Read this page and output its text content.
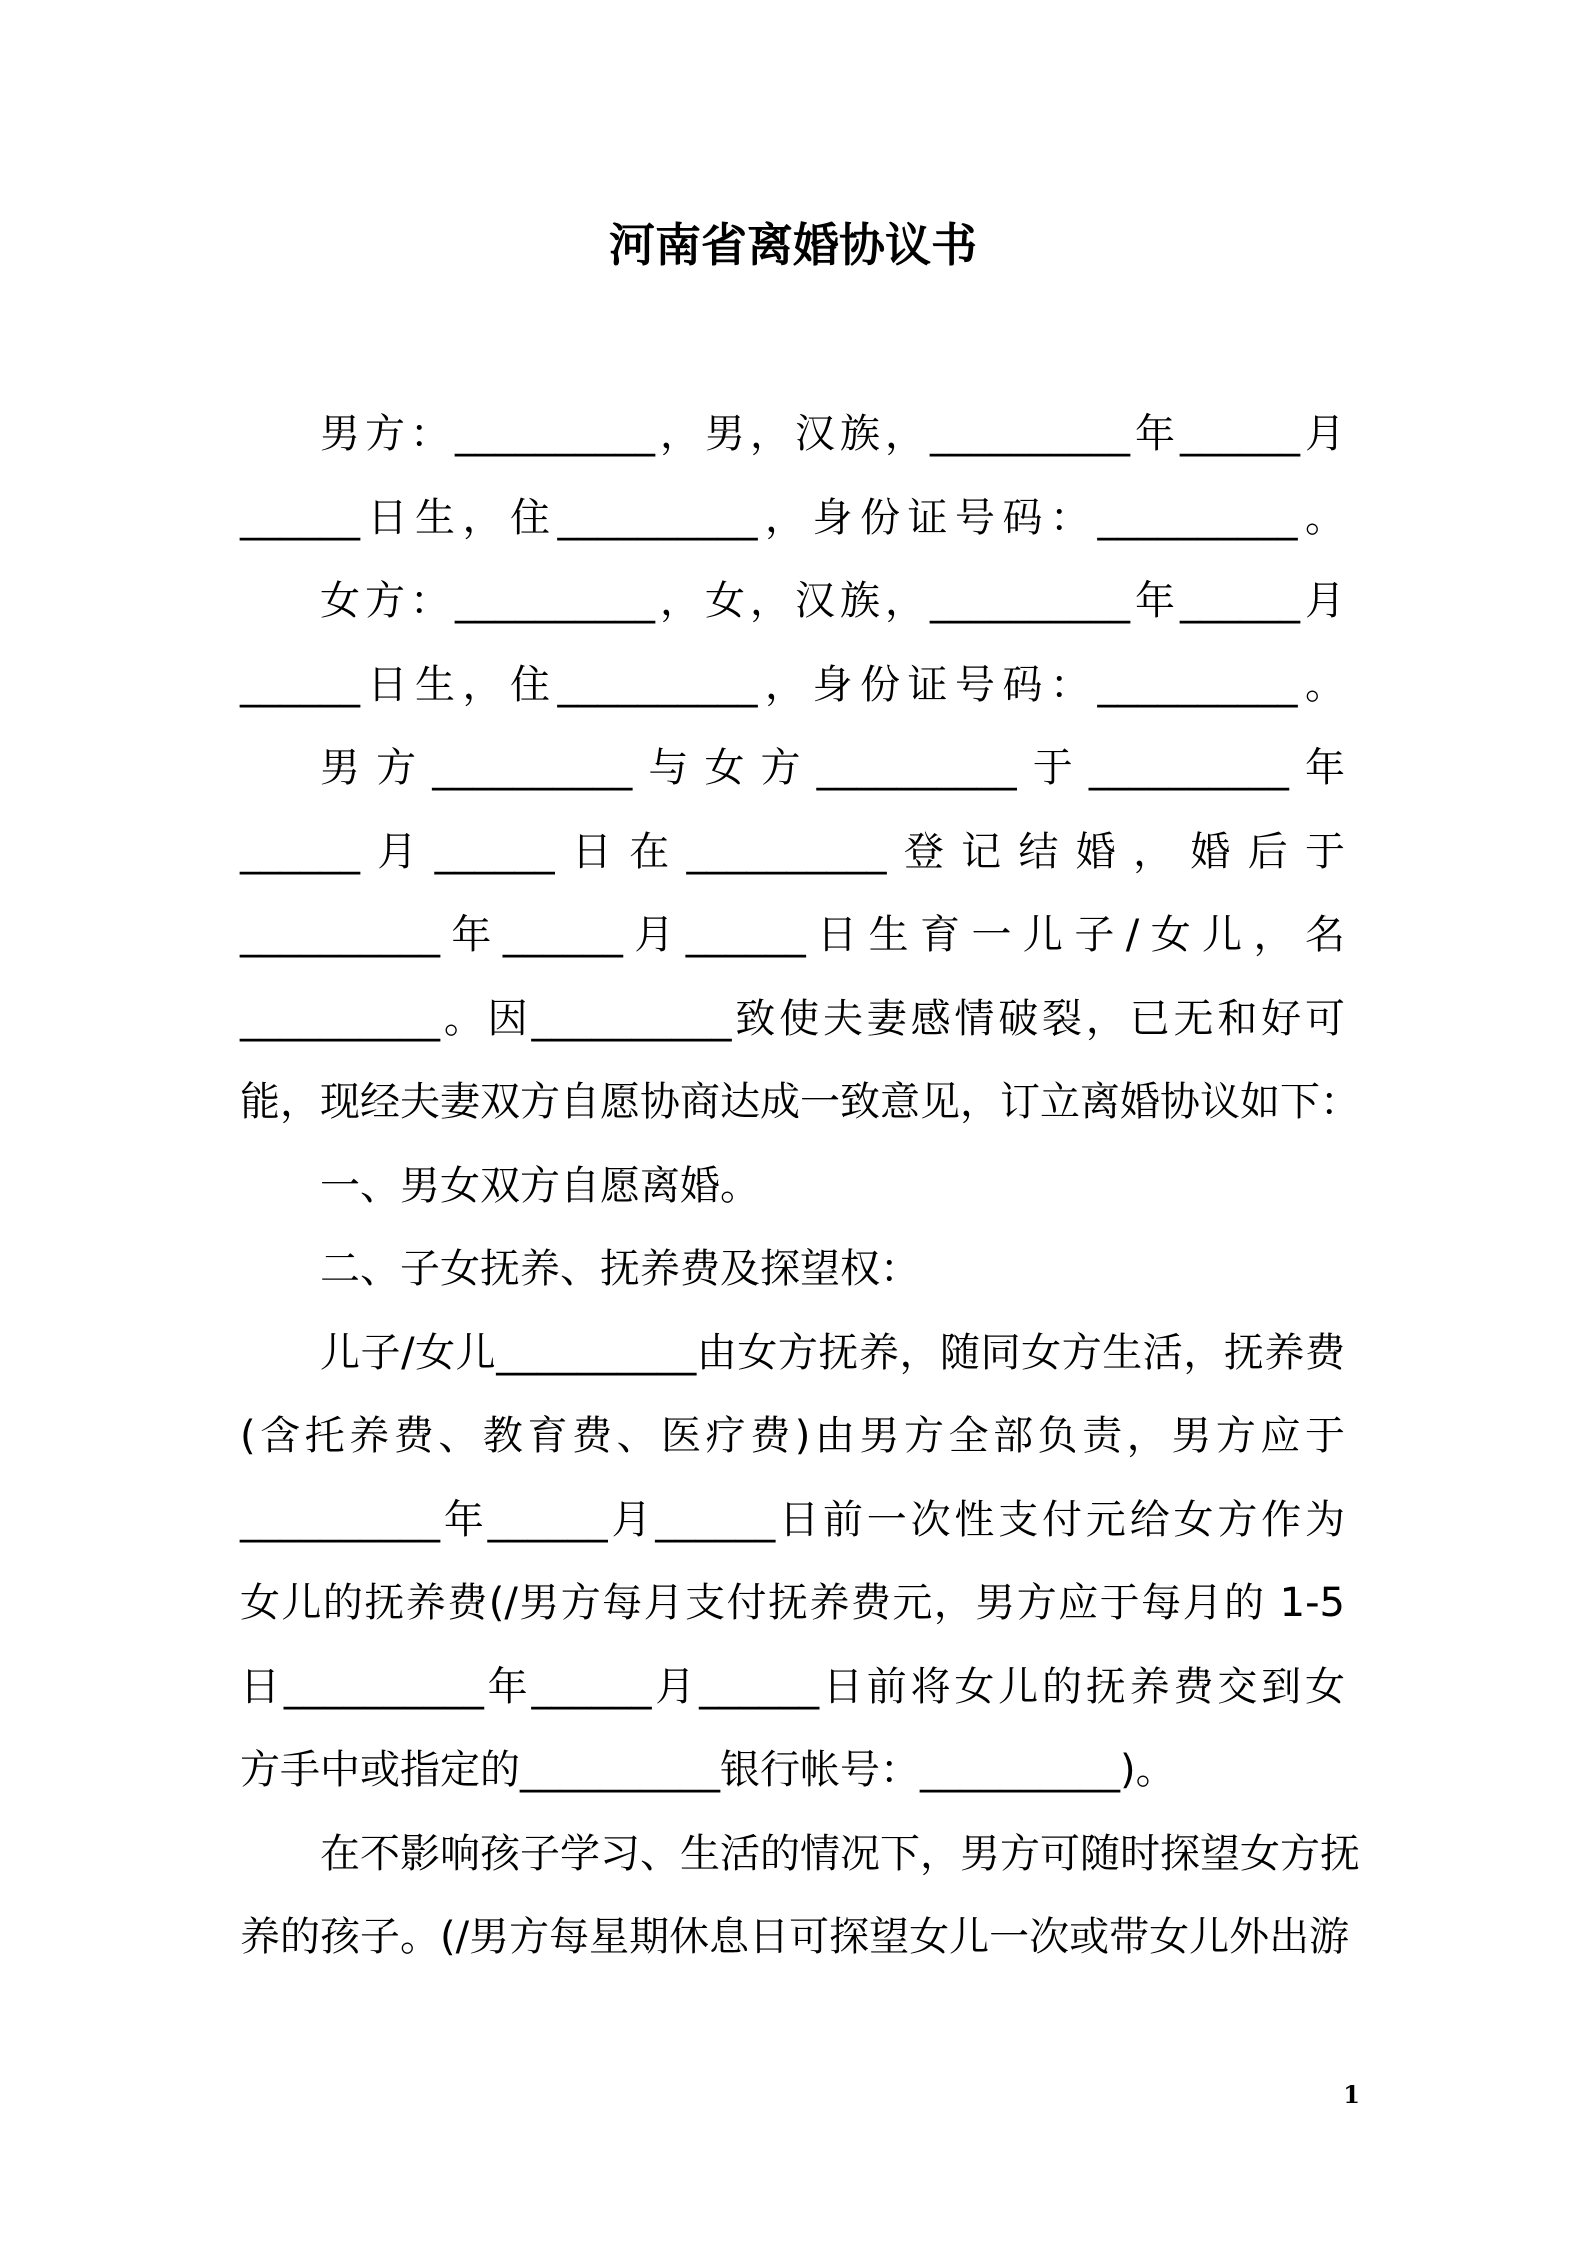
河南省离婚协议书
男方：__________，男，汉族，__________年______月
______日生，住__________，身份证号码：__________。
女方：__________，女，汉族，__________年______月
______日生，住__________，身份证号码：__________。
男方__________与女方__________于__________年
______月______日在__________登记结婚，婚后于
__________年______月______日生育一儿子/女儿，名
__________。因__________致使夫妻感情破裂，已无和好可
能，现经夫妻双方自愿协商达成一致意见，订立离婚协议如下：
一、男女双方自愿离婚。
二、子女抚养、抚养费及探望权：
儿子/女儿__________由女方抚养，随同女方生活，抚养费
(含托养费、教育费、医疗费)由男方全部负责，男方应于
__________年______月______日前一次性支付元给女方作为
女儿的抚养费(/男方每月支付抚养费元，男方应于每月的 1-5
日__________年______月______日前将女儿的抚养费交到女
方手中或指定的__________银行帐号：__________)。
在不影响孩子学习、生活的情况下，男方可随时探望女方抚
养的孩子。(/男方每星期休息日可探望女儿一次或带女儿外出游
1
